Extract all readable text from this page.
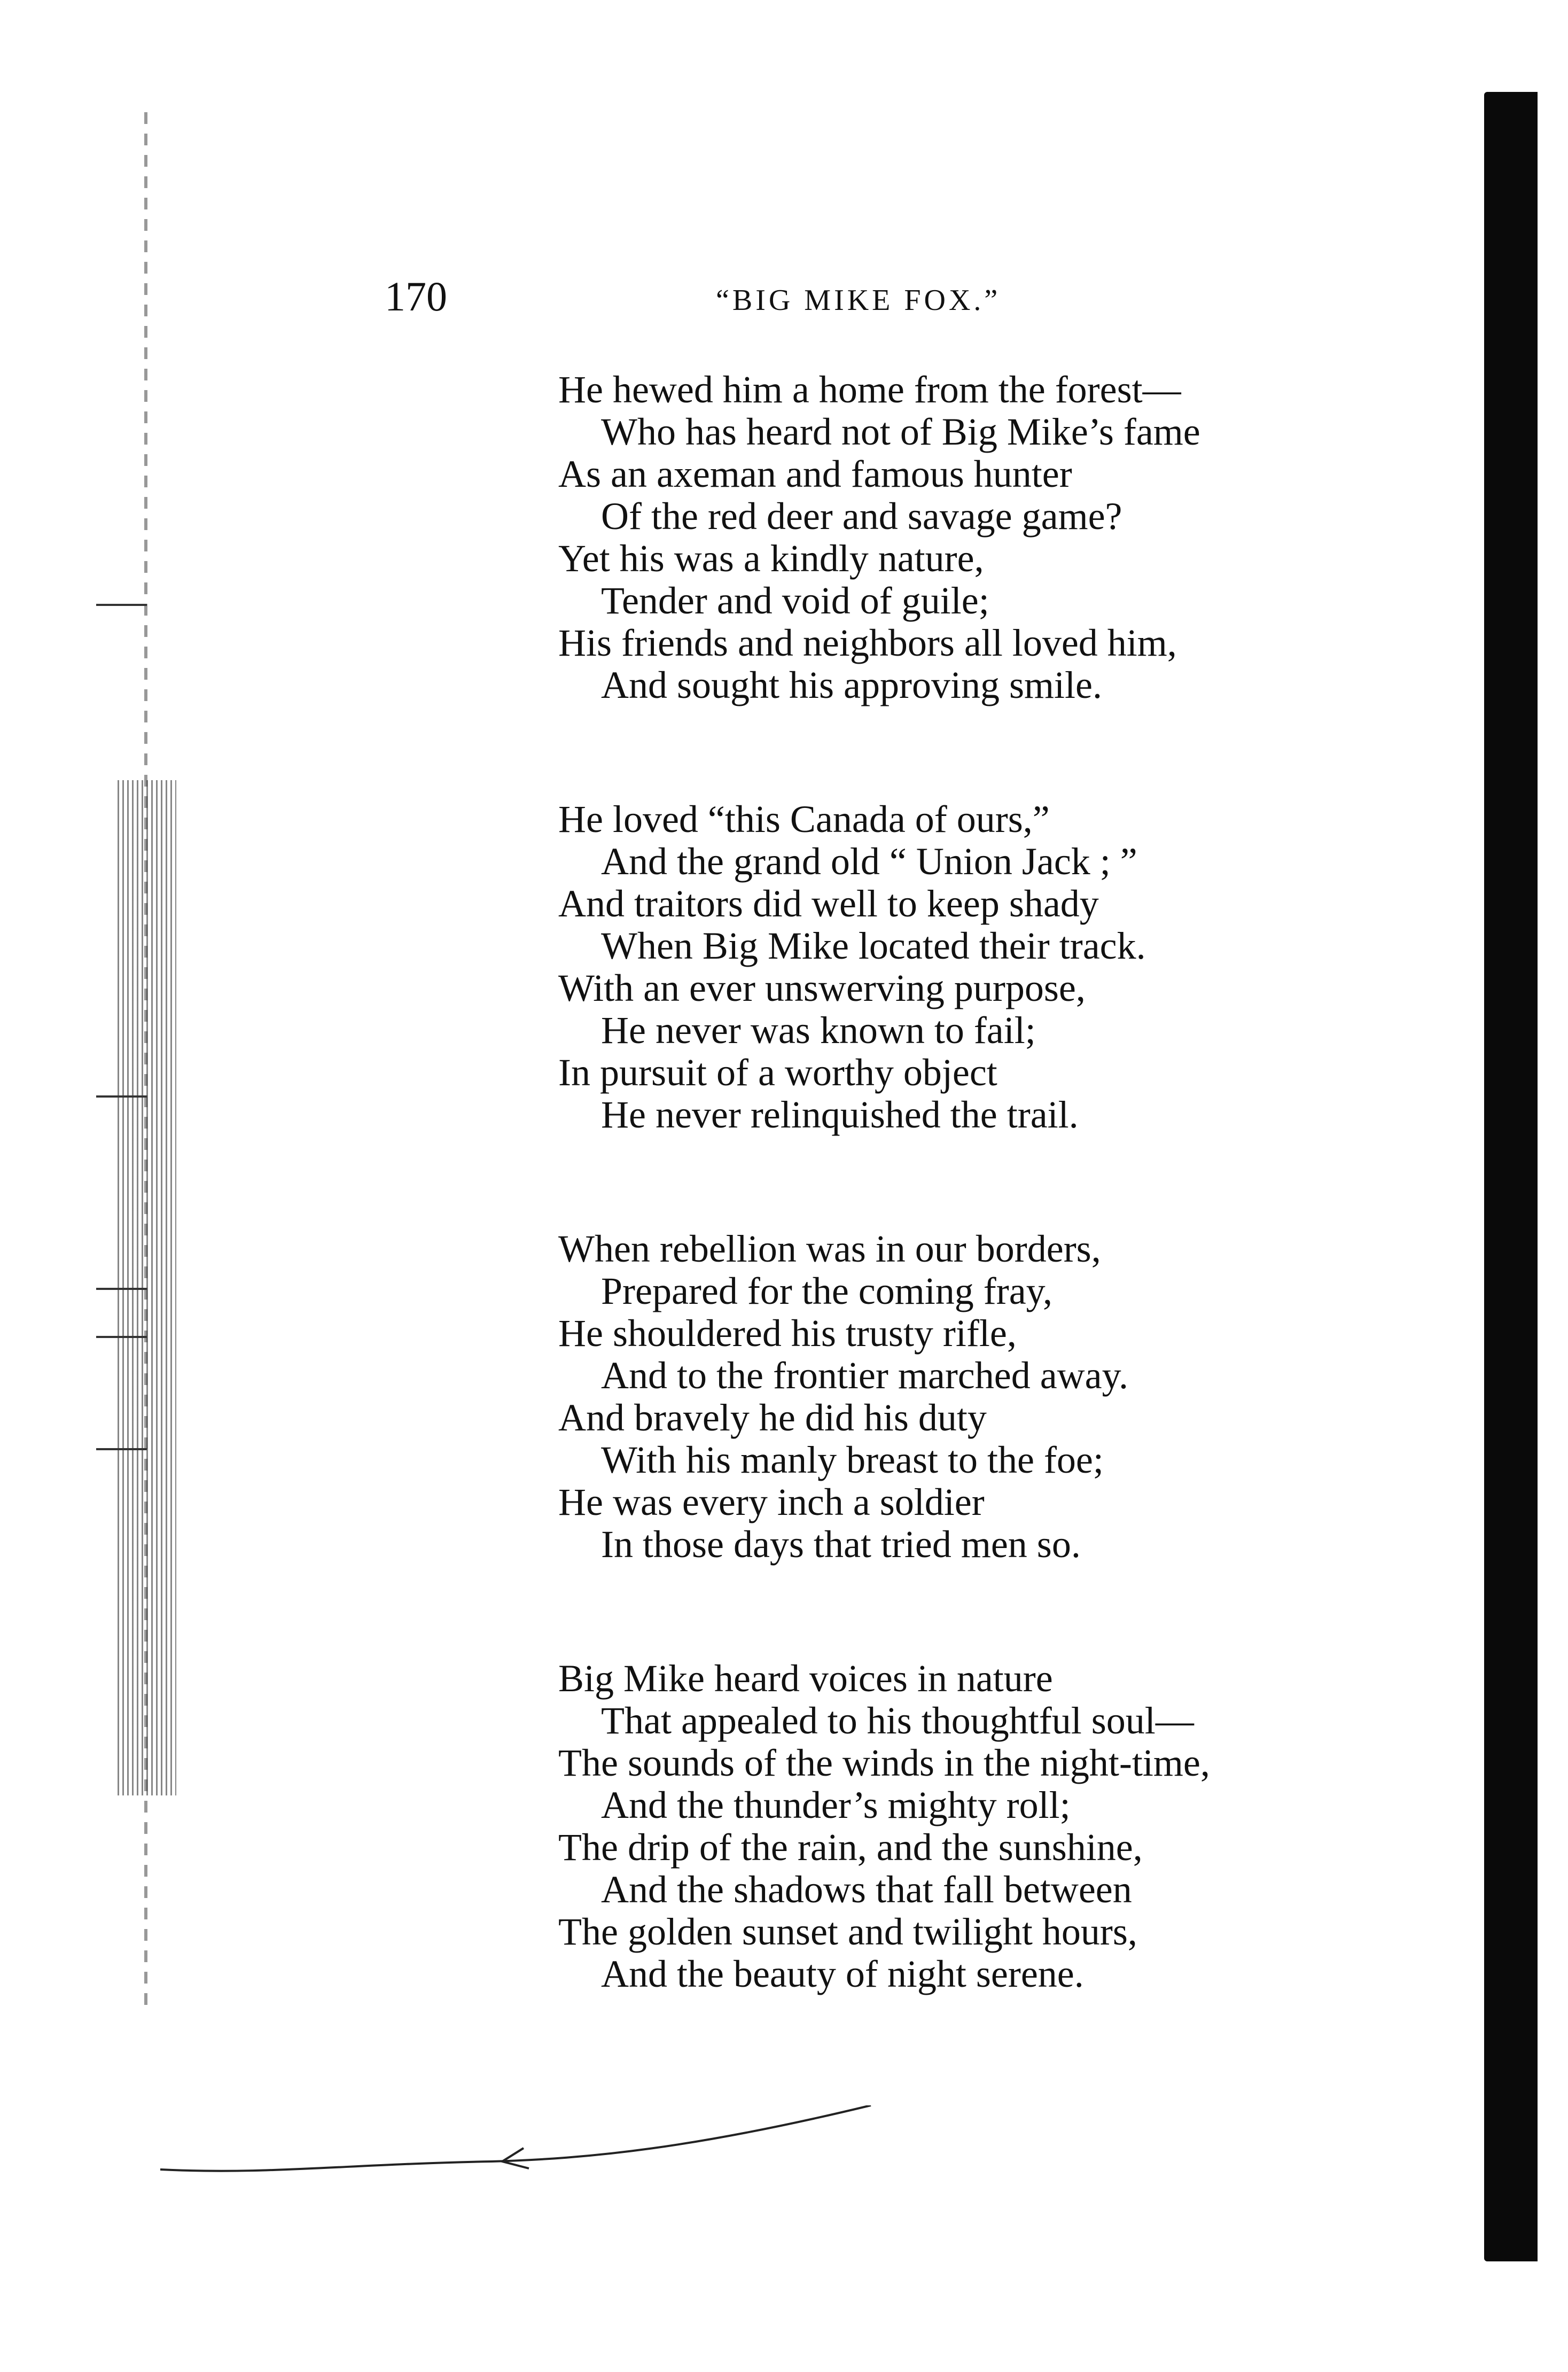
170	“BIG MIKE FOX.”
He hewed him a home from the forest—
Who has heard not of Big Mike’s fame
As an axeman and famous hunter
Of the red deer and savage game?
Yet his was a kindly nature,
Tender and void of guile;
His friends and neighbors all loved him,
And sought his approving smile.
He loved “this Canada of ours,”
And the grand old “ Union Jack ; ”
And traitors did well to keep shady
When Big Mike located their track.
With an ever unswerving purpose,
He never was known to fail;
In pursuit of a worthy object
He never relinquished the trail.
When rebellion was in our borders,
Prepared for the coming fray,
He shouldered his trusty rifle,
And to the frontier marched away.
And bravely he did his duty
With his manly breast to the foe;
He was every inch a soldier
In those days that tried men so.
Big Mike heard voices in nature
That appealed to his thoughtful soul—
The sounds of the winds in the night-time,
And the thunder’s mighty roll;
The drip of the rain, and the sunshine,
And the shadows that fall between
The golden sunset and twilight hours,
And the beauty of night serene.
